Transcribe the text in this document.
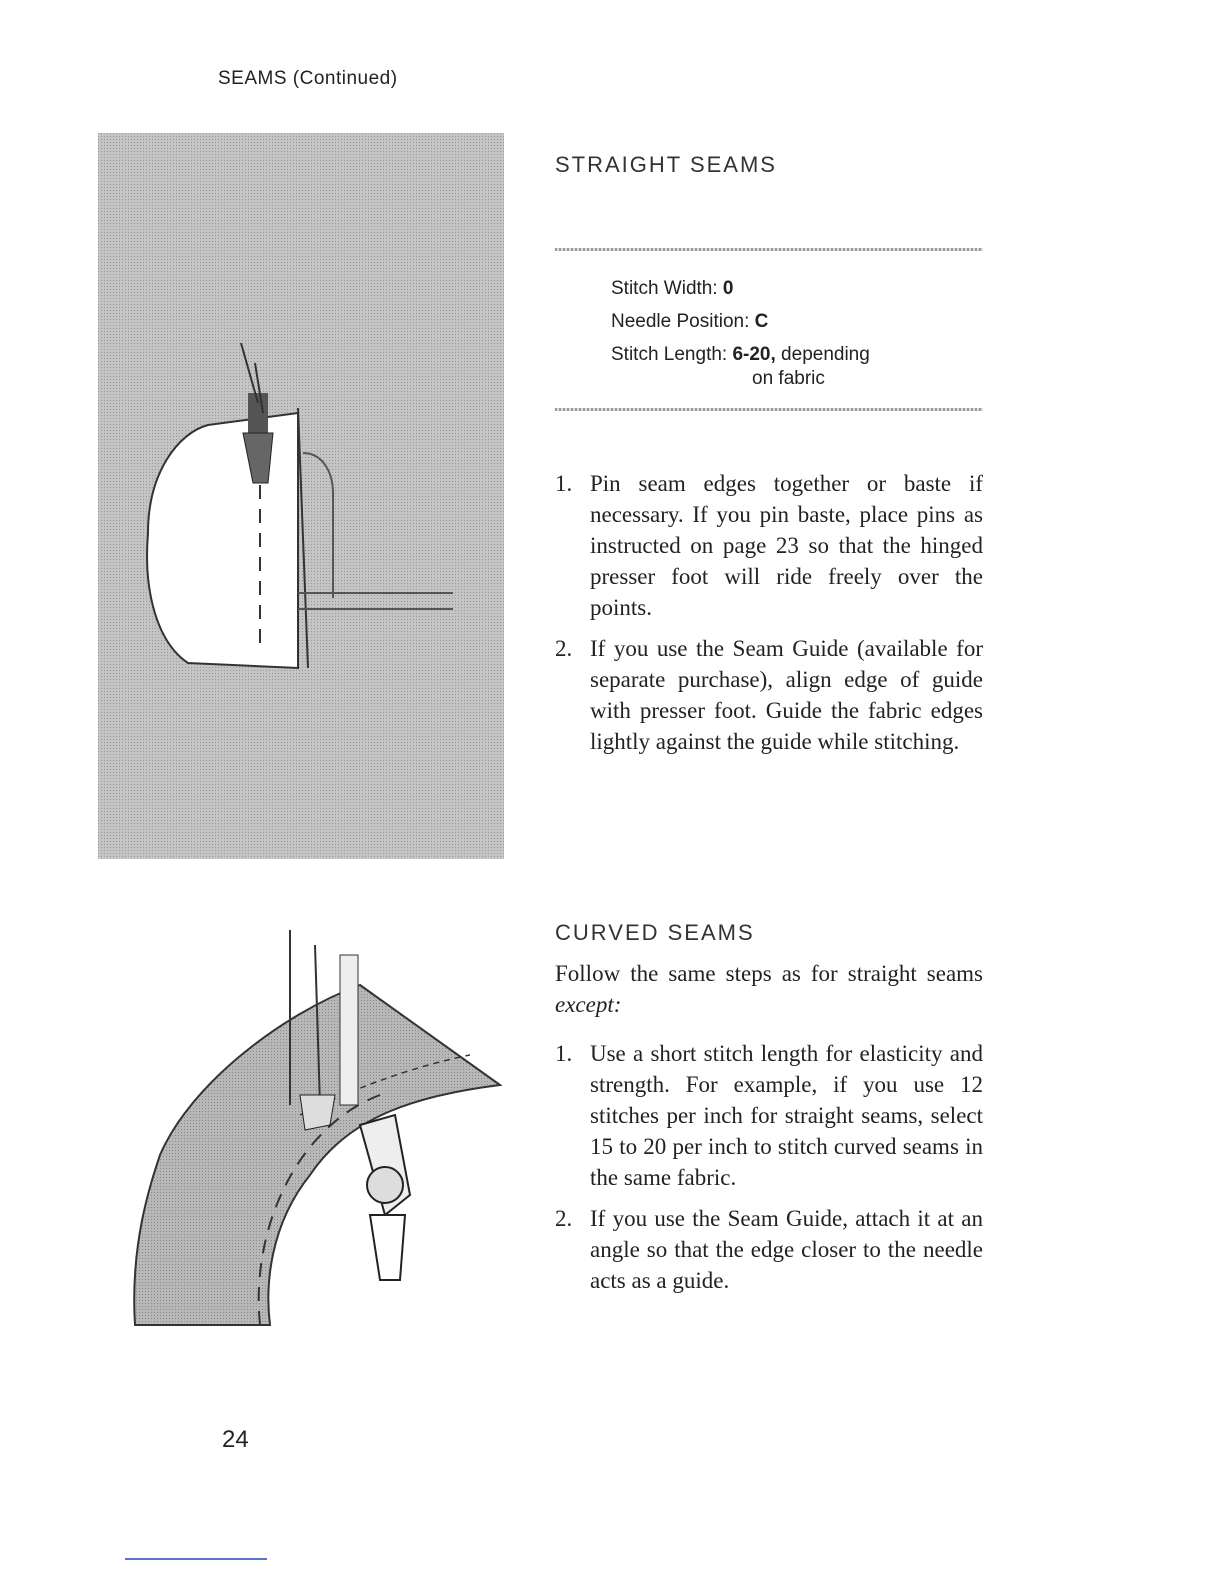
SEAMS (Continued)
STRAIGHT SEAMS
Stitch Width: 0
Needle Position: C
Stitch Length: 6-20, depending
on fabric
1. Pin seam edges together or baste if necessary. If you pin baste, place pins as instructed on page 23 so that the hinged presser foot will ride freely over the points.
2. If you use the Seam Guide (available for separate purchase), align edge of guide with presser foot. Guide the fabric edges lightly against the guide while stitching.
CURVED SEAMS
Follow the same steps as for straight seams except:
1. Use a short stitch length for elasticity and strength. For example, if you use 12 stitches per inch for straight seams, select 15 to 20 per inch to stitch curved seams in the same fabric.
2. If you use the Seam Guide, attach it at an angle so that the edge closer to the needle acts as a guide.
24
